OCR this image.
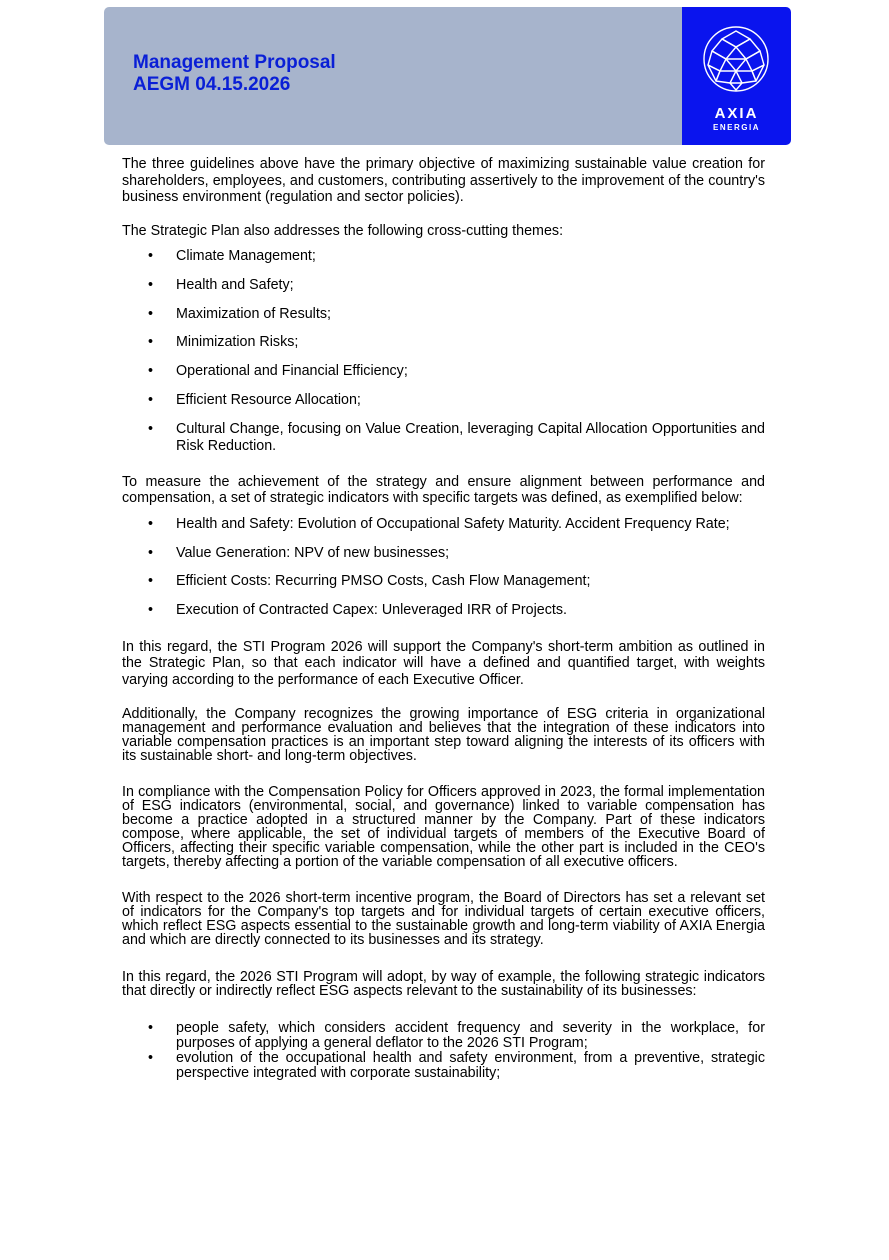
Management Proposal
AEGM 04.15.2026
AXIA
ENERGIA

The three guidelines above have the primary objective of maximizing sustainable value creation for shareholders, employees, and customers, contributing assertively to the improvement of the country's business environment (regulation and sector policies).

The Strategic Plan also addresses the following cross-cutting themes:

• Climate Management;
• Health and Safety;
• Maximization of Results;
• Minimization Risks;
• Operational and Financial Efficiency;
• Efficient Resource Allocation;
• Cultural Change, focusing on Value Creation, leveraging Capital Allocation Opportunities and Risk Reduction.

To measure the achievement of the strategy and ensure alignment between performance and compensation, a set of strategic indicators with specific targets was defined, as exemplified below:

• Health and Safety: Evolution of Occupational Safety Maturity. Accident Frequency Rate;
• Value Generation: NPV of new businesses;
• Efficient Costs: Recurring PMSO Costs, Cash Flow Management;
• Execution of Contracted Capex: Unleveraged IRR of Projects.

In this regard, the STI Program 2026 will support the Company's short-term ambition as outlined in the Strategic Plan, so that each indicator will have a defined and quantified target, with weights varying according to the performance of each Executive Officer.

Additionally, the Company recognizes the growing importance of ESG criteria in organizational management and performance evaluation and believes that the integration of these indicators into variable compensation practices is an important step toward aligning the interests of its officers with its sustainable short- and long-term objectives.

In compliance with the Compensation Policy for Officers approved in 2023, the formal implementation of ESG indicators (environmental, social, and governance) linked to variable compensation has become a practice adopted in a structured manner by the Company. Part of these indicators compose, where applicable, the set of individual targets of members of the Executive Board of Officers, affecting their specific variable compensation, while the other part is included in the CEO's targets, thereby affecting a portion of the variable compensation of all executive officers.

With respect to the 2026 short-term incentive program, the Board of Directors has set a relevant set of indicators for the Company's top targets and for individual targets of certain executive officers, which reflect ESG aspects essential to the sustainable growth and long-term viability of AXIA Energia and which are directly connected to its businesses and its strategy.

In this regard, the 2026 STI Program will adopt, by way of example, the following strategic indicators that directly or indirectly reflect ESG aspects relevant to the sustainability of its businesses:

• people safety, which considers accident frequency and severity in the workplace, for purposes of applying a general deflator to the 2026 STI Program;
• evolution of the occupational health and safety environment, from a preventive, strategic perspective integrated with corporate sustainability;
